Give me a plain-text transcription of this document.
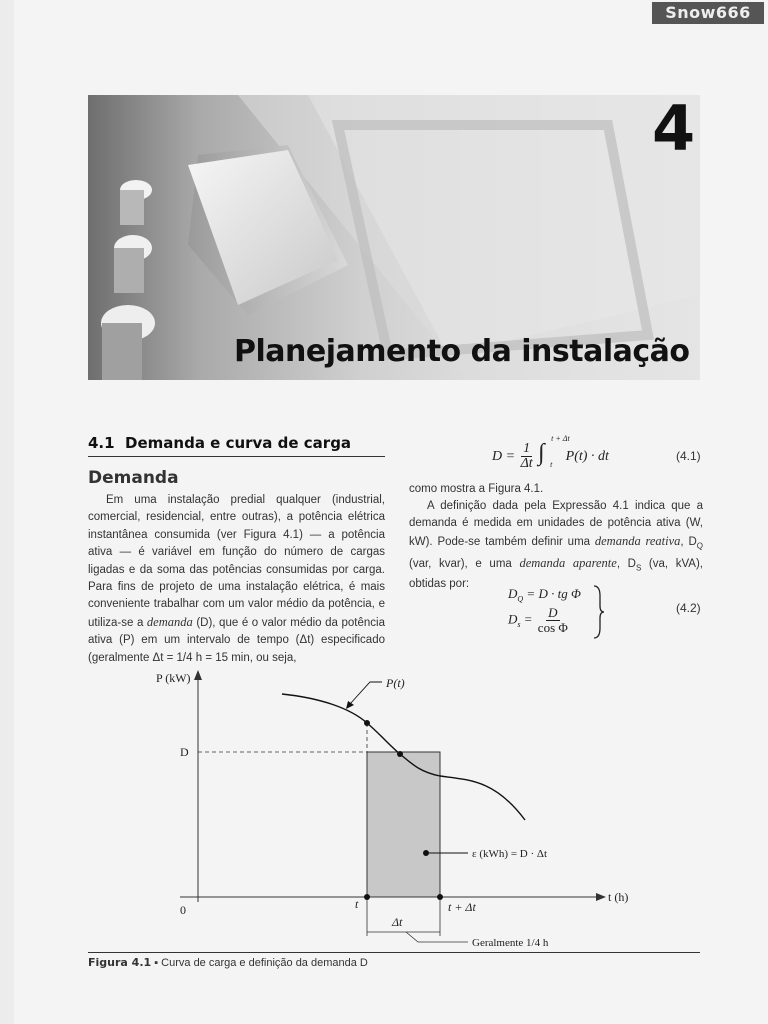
Snow666
4
Planejamento da instalação
4.1 Demanda e curva de carga
Demanda
Em uma instalação predial qualquer (industrial, comercial, residencial, entre outras), a potência elétrica instantânea consumida (ver Figura 4.1) — a potência ativa — é variável em função do número de cargas ligadas e da soma das potências consumidas por carga. Para fins de projeto de uma instalação elétrica, é mais conveniente trabalhar com um valor médio da potência, e utiliza-se a demanda (D), que é o valor médio da potência ativa (P) em um intervalo de tempo (Δt) especificado (geralmente Δt = 1/4 h = 15 min, ou seja,
$D = \frac{1}{\Delta t}$ ∫
t + Δt
t
P(t) · dt	(4.1)
como mostra a Figura 4.1.
A definição dada pela Expressão 4.1 indica que a demanda é medida em unidades de potência ativa (W, kW). Pode-se também definir uma demanda reativa, $D_Q$ (var, kvar), e uma demanda aparente, $D_S$ (va, kVA), obtidas por:
$D_Q = D$ · tg Φ
$D_s = \frac{D}{\text{cos Φ}}$	(4.2)
P (kW)
t (h)
0
D
P(t)
ε (kWh) = D · Δt
t	t + Δt
Δt
Geralmente 1/4 h
Figura 4.1 ▪ Curva de carga e definição da demanda D
